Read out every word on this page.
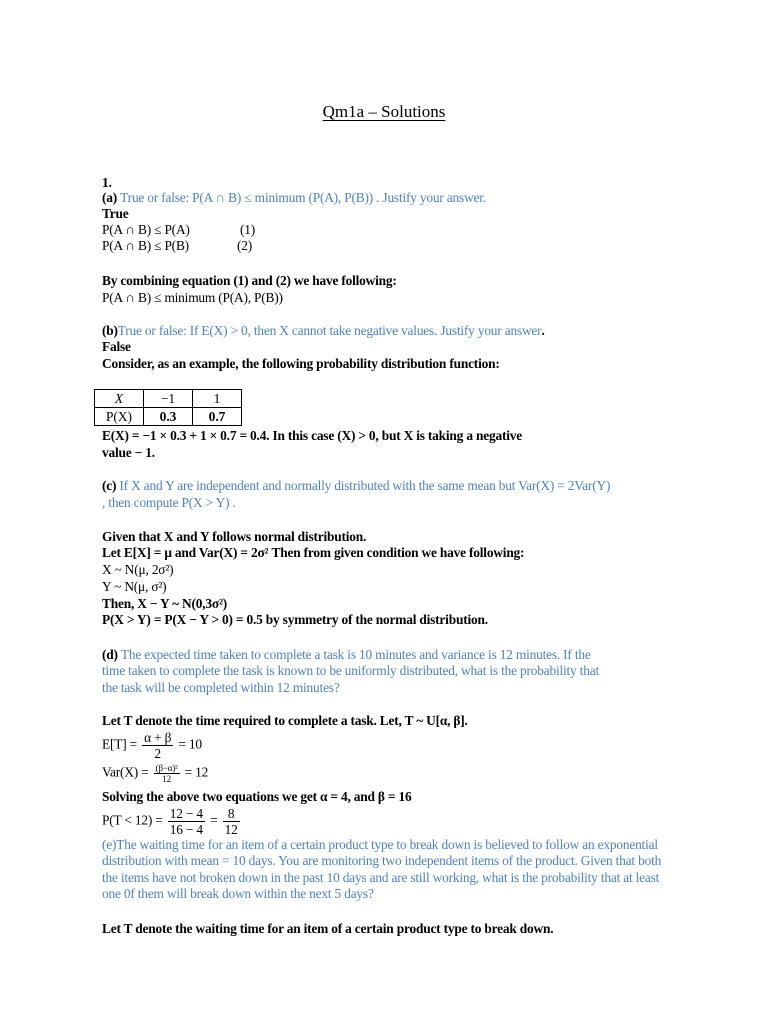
Qm1a – Solutions
1.
(a) True or false: P(A ∩ B) ≤ minimum (P(A), P(B)) . Justify your answer.
True
P(A ∩ B) ≤ P(A)	(1)
P(A ∩ B) ≤ P(B)	(2)
By combining equation (1) and (2) we have following:
P(A ∩ B) ≤ minimum (P(A), P(B))
(b)True or false: If E(X) > 0, then X cannot take negative values. Justify your answer.
False
Consider, as an example, the following probability distribution function:
X	−1	1
P(X)	0.3	0.7
E(X) = −1 × 0.3 + 1 × 0.7 = 0.4. In this case (X) > 0, but X is taking a negative
value − 1.
(c) If X and Y are independent and normally distributed with the same mean but Var(X) = 2Var(Y)
, then compute P(X > Y) .
Given that X and Y follows normal distribution.
Let E[X] = μ and Var(X) = 2σ² Then from given condition we have following:
X ~ N(μ, 2σ²)
Y ~ N(μ, σ²)
Then, X − Y ~ N(0,3σ²)
P(X > Y) = P(X − Y > 0) = 0.5 by symmetry of the normal distribution.
(d) The expected time taken to complete a task is 10 minutes and variance is 12 minutes. If the
time taken to complete the task is known to be uniformly distributed, what is the probability that
the task will be completed within 12 minutes?
Let T denote the time required to complete a task. Let, T ~ U[α, β].
$E[T] = \frac{\alpha + \beta}{2} = 10$
$Var(X) = \frac{\text{(β−α)²}}{12} = 12$
Solving the above two equations we get α = 4, and β = 16
$P(T < 12) = \frac{12 - 4}{16 - 4} = \frac{8}{12}$
(e)The waiting time for an item of a certain product type to break down is believed to follow an exponential
distribution with mean = 10 days. You are monitoring two independent items of the product. Given that both
the items have not broken down in the past 10 days and are still working, what is the probability that at least
one 0f them will break down within the next 5 days?
Let T denote the waiting time for an item of a certain product type to break down.
